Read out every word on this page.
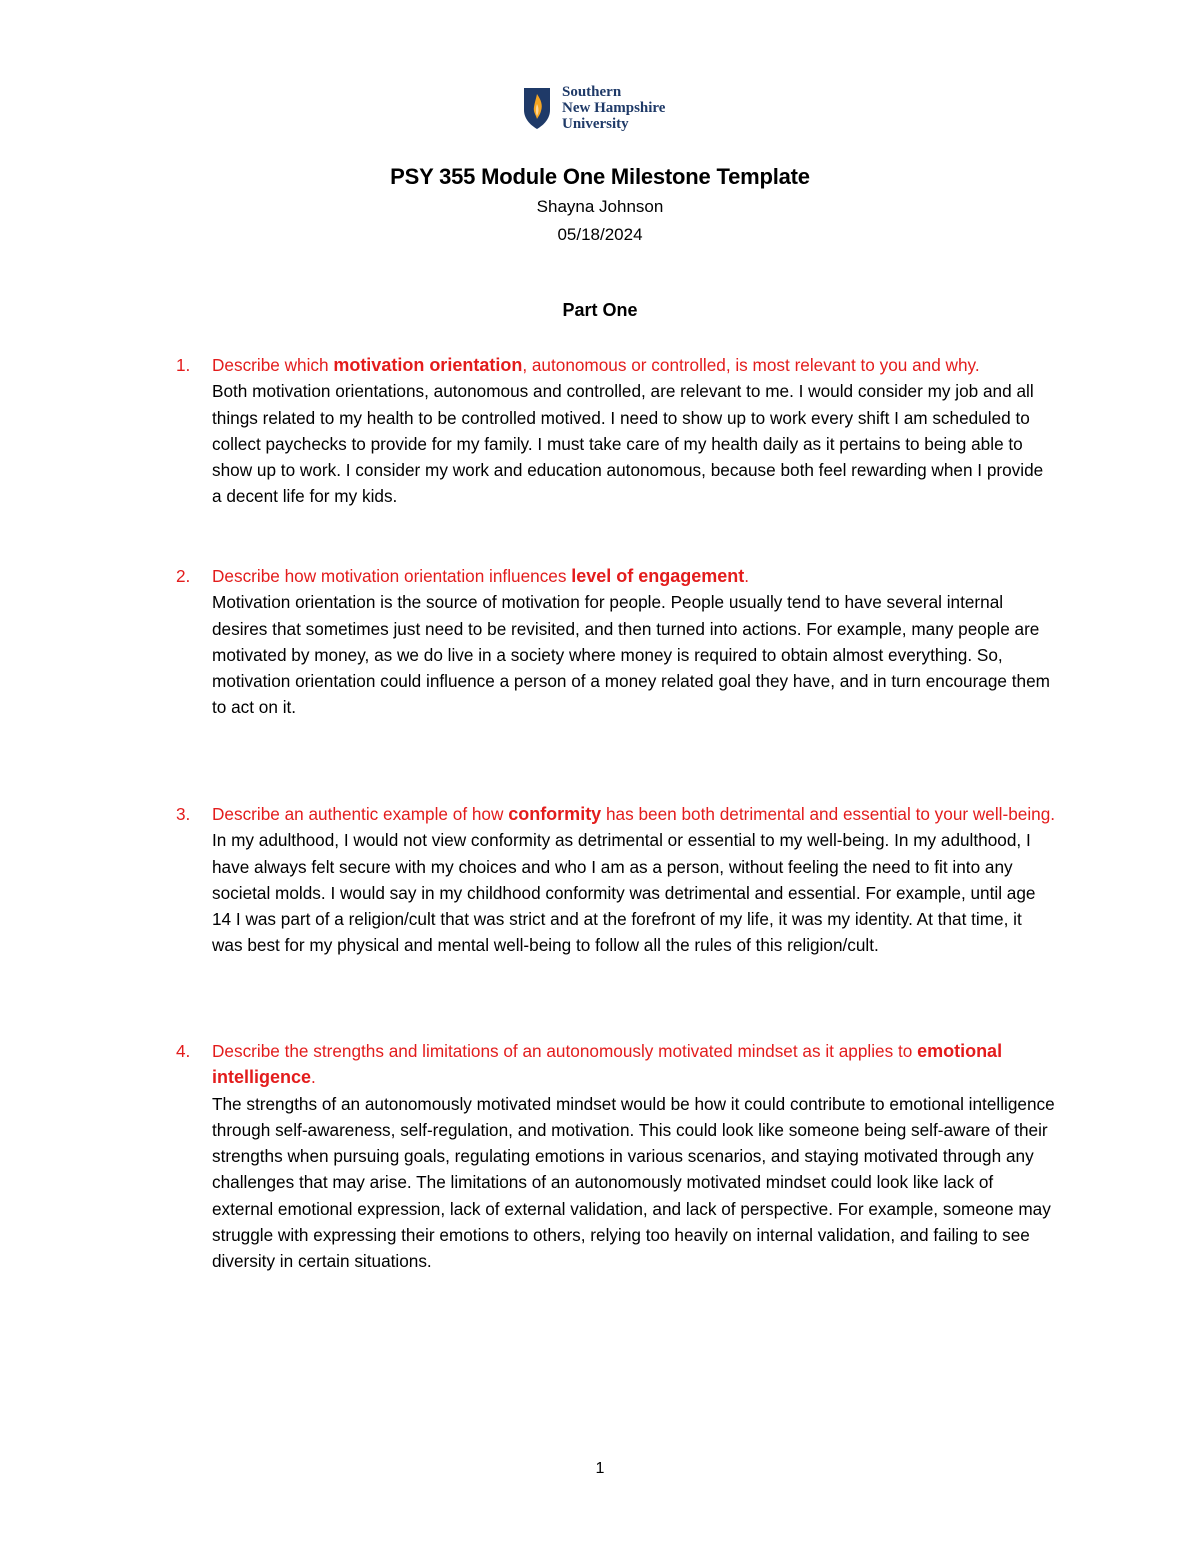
Southern
New Hampshire
University
PSY 355 Module One Milestone Template
Shayna Johnson
05/18/2024
Part One
1. Describe which motivation orientation, autonomous or controlled, is most relevant to you and why.
Both motivation orientations, autonomous and controlled, are relevant to me. I would consider my job and all things related to my health to be controlled motived. I need to show up to work every shift I am scheduled to collect paychecks to provide for my family. I must take care of my health daily as it pertains to being able to show up to work. I consider my work and education autonomous, because both feel rewarding when I provide a decent life for my kids.
2. Describe how motivation orientation influences level of engagement.
Motivation orientation is the source of motivation for people. People usually tend to have several internal desires that sometimes just need to be revisited, and then turned into actions. For example, many people are motivated by money, as we do live in a society where money is required to obtain almost everything. So, motivation orientation could influence a person of a money related goal they have, and in turn encourage them to act on it.
3. Describe an authentic example of how conformity has been both detrimental and essential to your well-being.
In my adulthood, I would not view conformity as detrimental or essential to my well-being. In my adulthood, I have always felt secure with my choices and who I am as a person, without feeling the need to fit into any societal molds. I would say in my childhood conformity was detrimental and essential. For example, until age 14 I was part of a religion/cult that was strict and at the forefront of my life, it was my identity. At that time, it was best for my physical and mental well-being to follow all the rules of this religion/cult.
4. Describe the strengths and limitations of an autonomously motivated mindset as it applies to emotional intelligence.
The strengths of an autonomously motivated mindset would be how it could contribute to emotional intelligence through self-awareness, self-regulation, and motivation. This could look like someone being self-aware of their strengths when pursuing goals, regulating emotions in various scenarios, and staying motivated through any challenges that may arise. The limitations of an autonomously motivated mindset could look like lack of external emotional expression, lack of external validation, and lack of perspective. For example, someone may struggle with expressing their emotions to others, relying too heavily on internal validation, and failing to see diversity in certain situations.
1
